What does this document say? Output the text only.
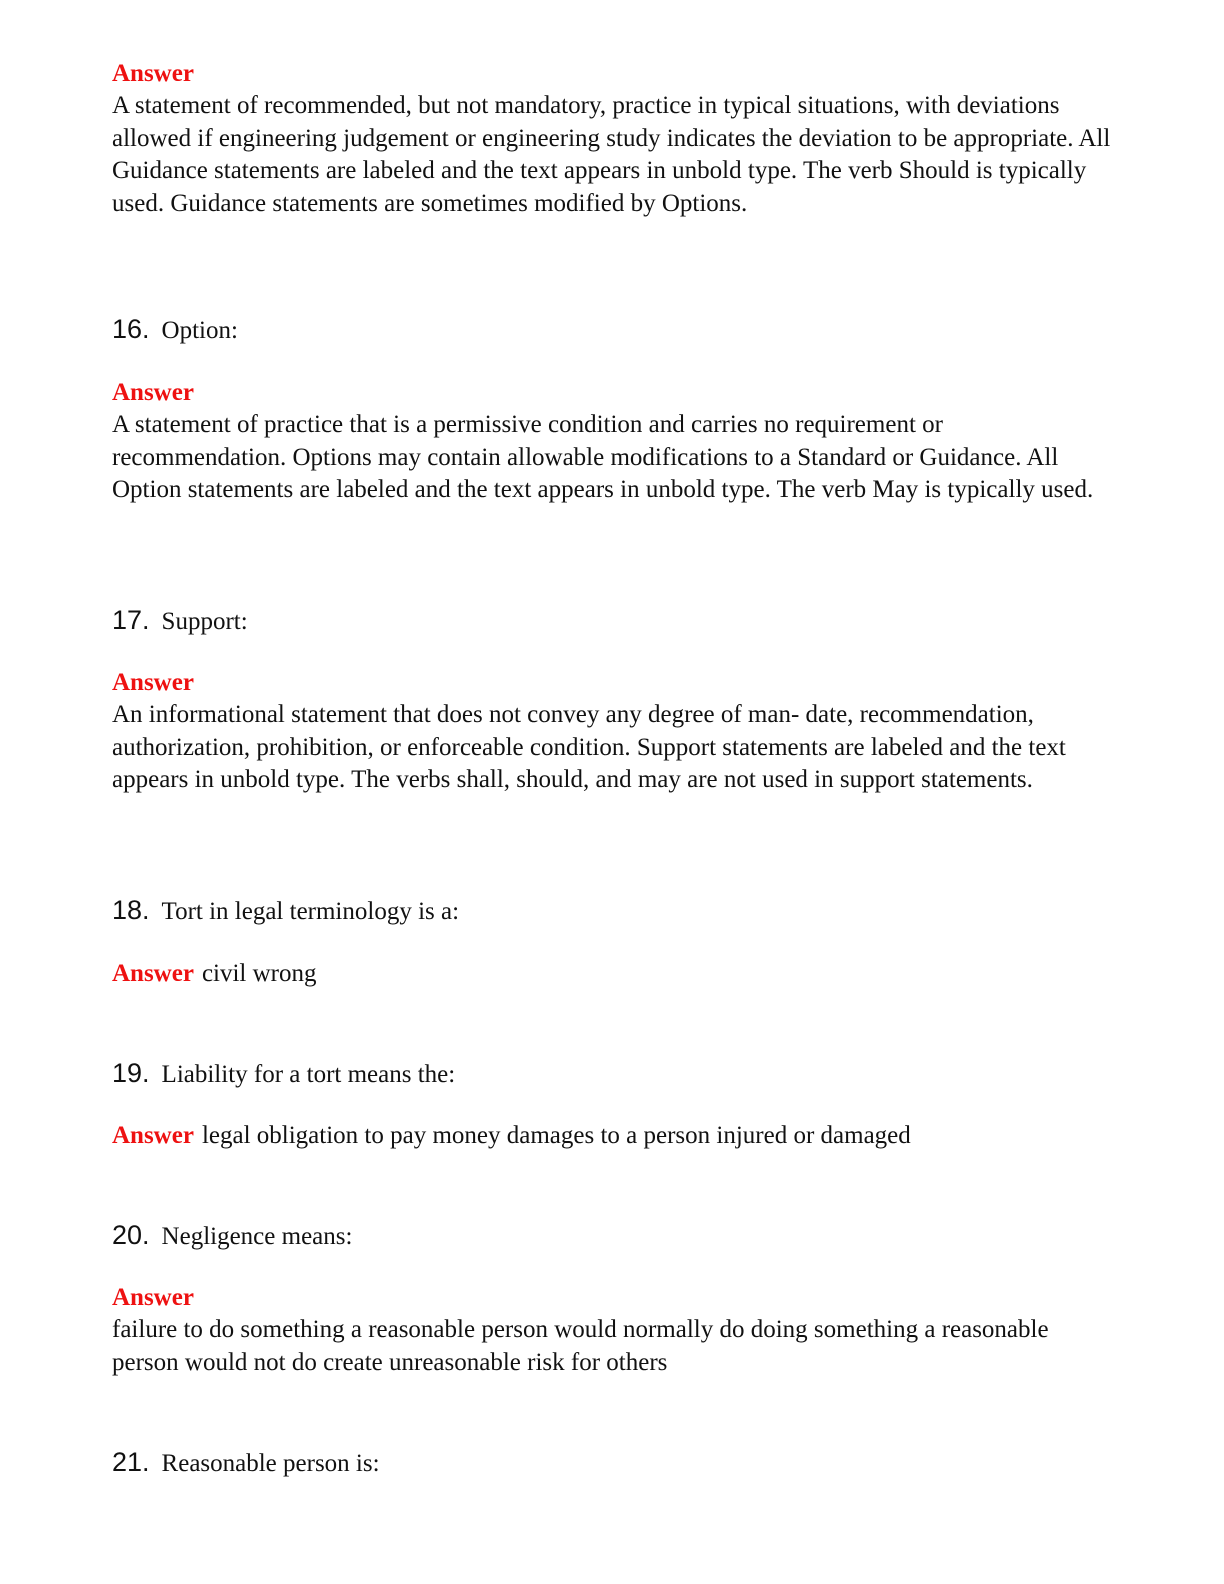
Answer
A statement of recommended, but not mandatory, practice in typical situations, with deviations allowed if engineering judgement or engineering study indicates the deviation to be appropriate. All Guidance statements are labeled and the text appears in unbold type. The verb Should is typically used. Guidance statements are sometimes modified by Options.
16. Option:
Answer
A statement of practice that is a permissive condition and carries no requirement or recommendation. Options may contain allowable modifications to a Standard or Guidance. All Option statements are labeled and the text appears in unbold type. The verb May is typically used.
17. Support:
Answer
An informational statement that does not convey any degree of man- date, recommendation, authorization, prohibition, or enforceable condition. Support statements are labeled and the text appears in unbold type. The verbs shall, should, and may are not used in support statements.
18. Tort in legal terminology is a:
Answer civil wrong
19. Liability for a tort means the:
Answer legal obligation to pay money damages to a person injured or damaged
20. Negligence means:
Answer
failure to do something a reasonable person would normally do doing something a reasonable person would not do create unreasonable risk for others
21. Reasonable person is:
